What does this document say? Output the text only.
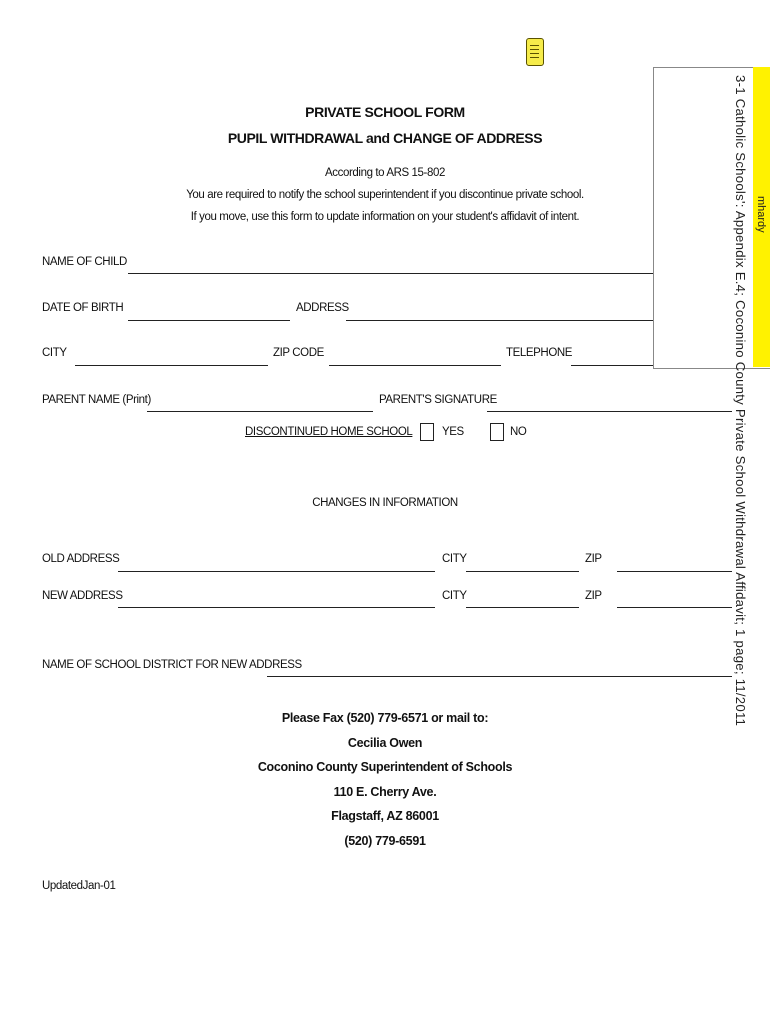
mhardy
3-1 Catholic Schools': Appendix E.4; Coconino County Private School Withdrawal Affidavit; 1 page; 11/2011
PRIVATE SCHOOL FORM
PUPIL WITHDRAWAL and CHANGE OF ADDRESS
According to ARS 15-802
You are required to notify the school superintendent if you discontinue private school.
If you move, use this form to update information on your student's affidavit of intent.
NAME OF CHILD
DATE OF BIRTH	ADDRESS
CITY	ZIP CODE	TELEPHONE
PARENT NAME (Print)	PARENT'S SIGNATURE
DISCONTINUED HOME SCHOOL	YES	NO
CHANGES IN INFORMATION
OLD ADDRESS	CITY	ZIP
NEW ADDRESS	CITY	ZIP
NAME OF SCHOOL DISTRICT FOR NEW ADDRESS
Please Fax (520) 779-6571 or mail to:
Cecilia Owen
Coconino County Superintendent of Schools
110 E. Cherry Ave.
Flagstaff, AZ 86001
(520) 779-6591
UpdatedJan-01
